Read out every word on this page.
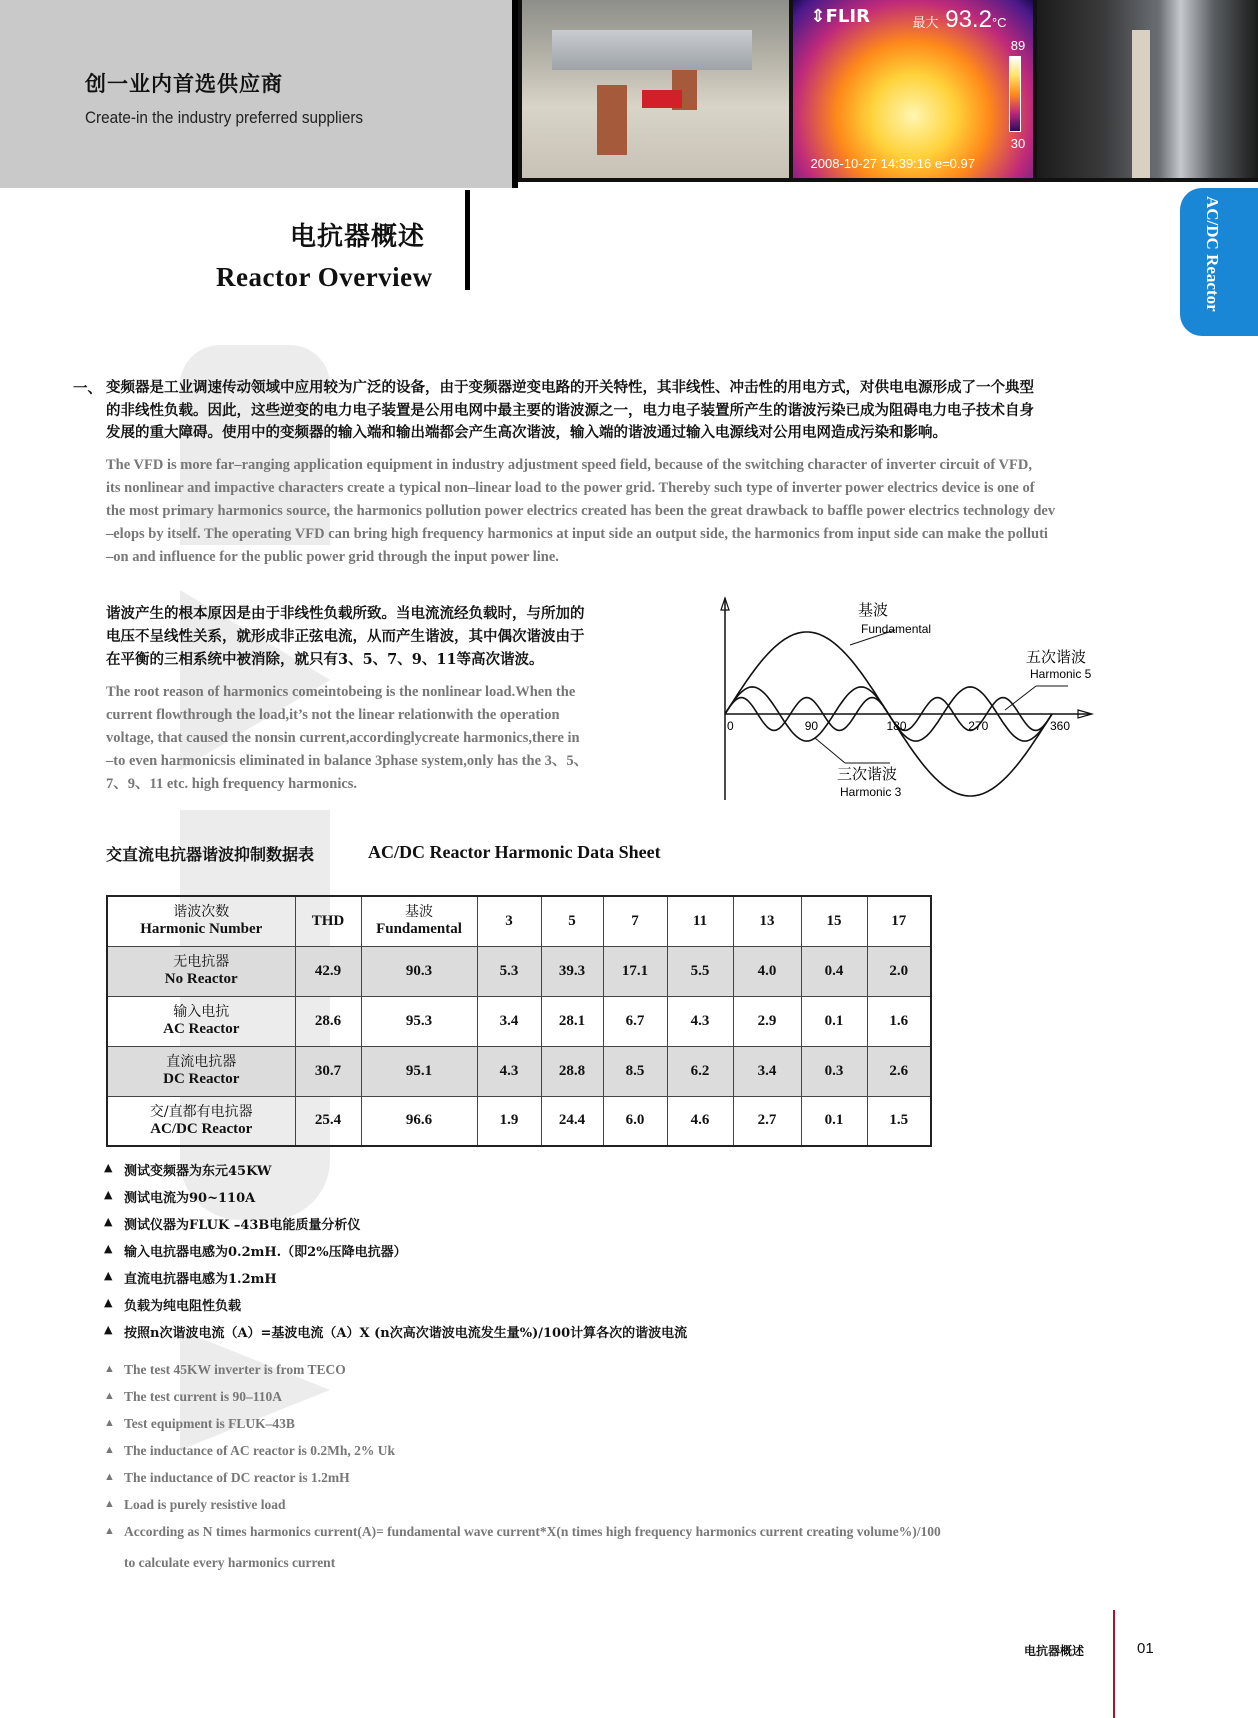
创一业内首选供应商
Create-in the industry preferred suppliers
⇕FLIR	最大 93.2°C
89
30
2008-10-27 14:39:16 e=0.97
AC/DC Reactor
电抗器概述
Reactor Overview
一、 变频器是工业调速传动领域中应用较为广泛的设备，由于变频器逆变电路的开关特性，其非线性、冲击性的用电方式，对供电电源形成了一个典型
的非线性负载。因此，这些逆变的电力电子装置是公用电网中最主要的谐波源之一，电力电子装置所产生的谐波污染已成为阻碍电力电子技术自身
发展的重大障碍。使用中的变频器的输入端和输出端都会产生高次谐波，输入端的谐波通过输入电源线对公用电网造成污染和影响。
The VFD is more far–ranging application equipment in industry adjustment speed field, because of the switching character of inverter circuit of VFD,
its nonlinear and impactive characters create a typical non–linear load to the power grid. Thereby such type of inverter power electrics device is one of
the most primary harmonics source, the harmonics pollution power electrics created has been the great drawback to baffle power electrics technology dev
–elops by itself. The operating VFD can bring high frequency harmonics at input side an output side, the harmonics from input side can make the polluti
–on and influence for the public power grid through the input power line.
谐波产生的根本原因是由于非线性负载所致。当电流流经负载时，与所加的
电压不呈线性关系，就形成非正弦电流，从而产生谐波，其中偶次谐波由于
在平衡的三相系统中被消除，就只有3、5、7、9、11等高次谐波。
The root reason of harmonics comeintobeing is the nonlinear load.When the
current flowthrough the load,it’s not the linear relationwith the operation
voltage, that caused the nonsin current,accordinglycreate harmonics,there in
–to even harmonicsis eliminated in balance 3phase system,only has the 3、5、
7、9、11 etc. high frequency harmonics.
0	90	180	270	360
基波
Fundamental
五次谐波
Harmonic 5
三次谐波
Harmonic 3
交直流电抗器谐波抑制数据表	AC/DC Reactor Harmonic Data Sheet
谐波次数
Harmonic Number	THD	基波
Fundamental	3	5	7	11	13	15	17

无电抗器
No Reactor	42.9	90.3	5.3	39.3	17.1	5.5	4.0	0.4	2.0

输入电抗
AC Reactor	28.6	95.3	3.4	28.1	6.7	4.3	2.9	0.1	1.6

直流电抗器
DC Reactor	30.7	95.1	4.3	28.8	8.5	6.2	3.4	0.3	2.6

交/直都有电抗器
AC/DC Reactor	25.4	96.6	1.9	24.4	6.0	4.6	2.7	0.1	1.5
▲ 测试变频器为东元45KW
▲ 测试电流为90~110A
▲ 测试仪器为FLUK –43B电能质量分析仪
▲ 输入电抗器电感为0.2mH.（即2%压降电抗器）
▲ 直流电抗器电感为1.2mH
▲ 负载为纯电阻性负载
▲ 按照n次谐波电流（A）=基波电流（A）X (n次高次谐波电流发生量%)/100计算各次的谐波电流
▲ The test 45KW inverter is from TECO
▲ The test current is 90–110A
▲ Test equipment is FLUK–43B
▲ The inductance of AC reactor is 0.2Mh, 2% Uk
▲ The inductance of DC reactor is 1.2mH
▲ Load is purely resistive load
▲ According as N times harmonics current(A)= fundamental wave current*X(n times high frequency harmonics current creating volume%)/100
to calculate every harmonics current
电抗器概述	01
